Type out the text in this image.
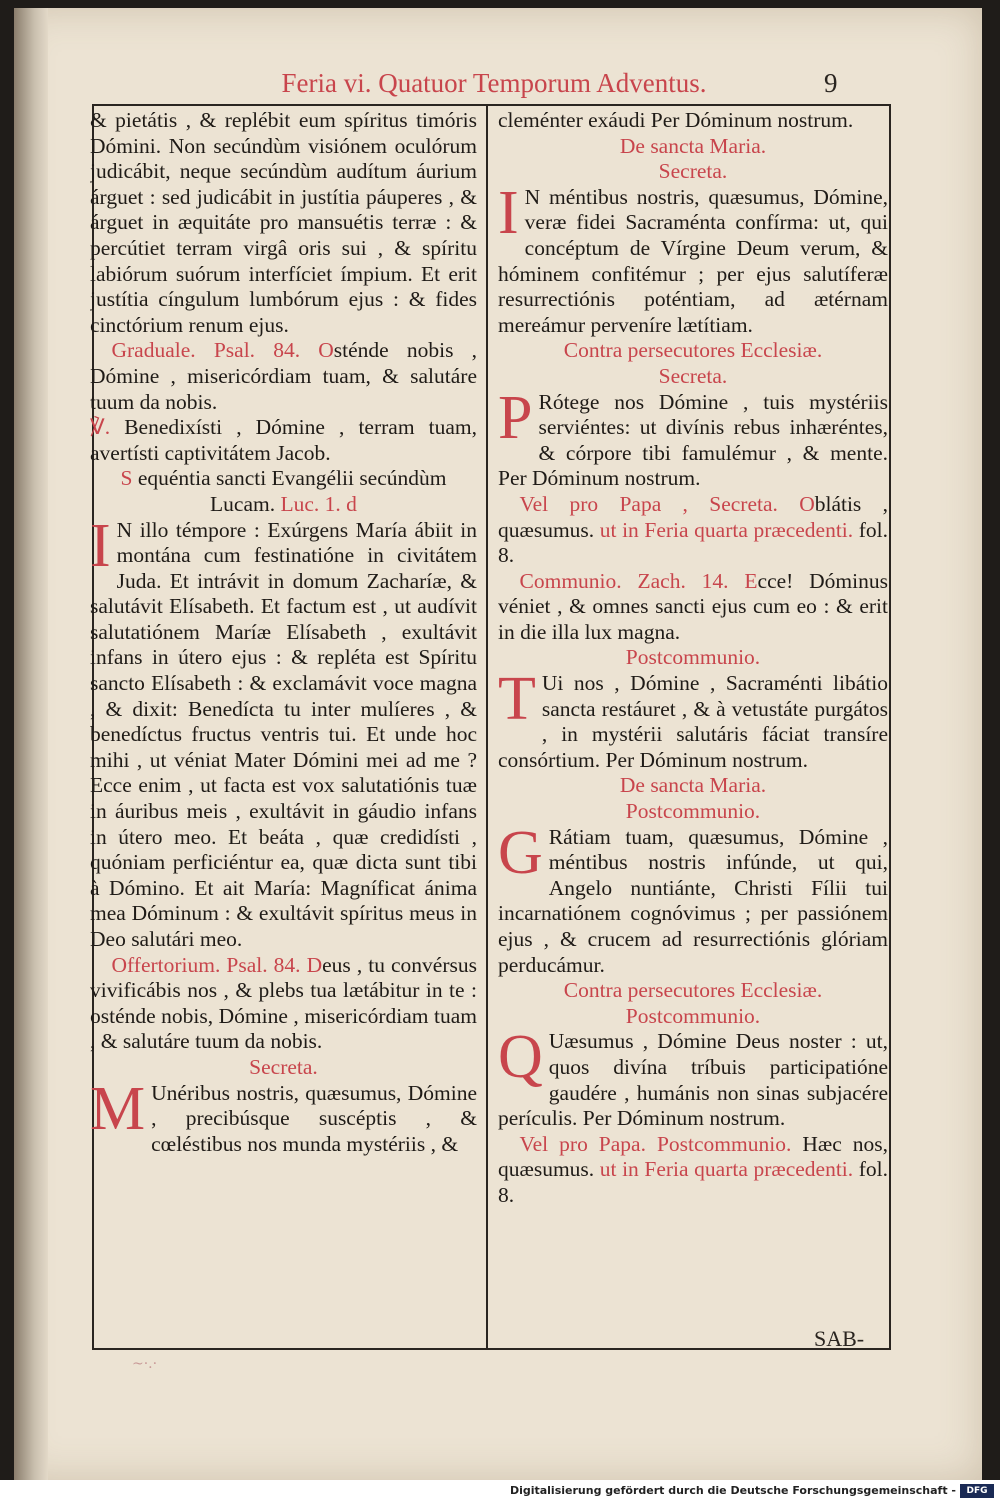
Feria vi. Quatuor Temporum Adventus.	9

& pietátis , & replébit eum spíritus timóris Dómini. Non secúndùm visiónem oculórum judicábit, neque secúndùm audítum áurium árguet : sed judicábit in justítia páuperes , & árguet in æquitáte pro mansuétis terræ : & percútiet terram virgâ oris sui , & spíritu labiórum suórum interfíciet ímpium. Et erit justítia cíngulum lumbórum ejus : & fides cinctórium renum ejus.

 Graduale. Psal. 84. Osténde nobis , Dómine , misericórdiam tuam, & salutáre tuum da nobis.

℣. Benedixísti , Dómine , terram tuam, avertísti captivitátem Jacob.

S equéntia sancti Evangélii secúndùm Lucam. Luc. 1. d

I N illo témpore : Exúrgens María ábiit in montána cum festinatióne in civitátem Juda. Et intrávit in domum Zacharíæ, & salutávit Elísabeth. Et factum est , ut audívit salutatiónem Maríæ Elísabeth , exultávit infans in útero ejus : & repléta est Spíritu sancto Elísabeth : & exclamávit voce magna , & dixit: Benedícta tu inter mulíeres , & benedíctus fructus ventris tui. Et unde hoc mihi , ut véniat Mater Dómini mei ad me ? Ecce enim , ut facta est vox salutatiónis tuæ in áuribus meis , exultávit in gáudio infans in útero meo. Et beáta , quæ credidísti , quóniam perficiéntur ea, quæ dicta sunt tibi à Dómino. Et ait María: Magníficat ánima mea Dóminum : & exultávit spíritus meus in Deo salutári meo.

 Offertorium. Psal. 84. Deus , tu convérsus vivificábis nos , & plebs tua lætábitur in te : osténde nobis, Dómine , misericórdiam tuam , & salutáre tuum da nobis.

Secreta.

M Unéribus nostris, quæsumus, Dómine , precibúsque suscéptis , & cœléstibus nos munda mystériis , &

cleménter exáudi Per Dóminum nostrum.

De sancta Maria.

Secreta.

I N méntibus nostris, quæsumus, Dómine, veræ fidei Sacraménta confírma: ut, qui concéptum de Vírgine Deum verum, & hóminem confitémur ; per ejus salutíferæ resurrectiónis poténtiam, ad ætérnam mereámur perveníre lætítiam.

Contra persecutores Ecclesiæ.

Secreta.

P Rótege nos Dómine , tuis mystériis serviéntes: ut divínis rebus inhæréntes, & córpore tibi famulémur , & mente. Per Dóminum nostrum.

 Vel pro Papa , Secreta. Oblátis , quæsumus. ut in Feria quarta præcedenti. fol. 8.

 Communio. Zach. 14. Ecce! Dóminus véniet , & omnes sancti ejus cum eo : & erit in die illa lux magna.

Postcommunio.

T Ui nos , Dómine , Sacraménti libátio sancta restáuret , & à vetustáte purgátos , in mystérii salutáris fáciat transíre consórtium. Per Dóminum nostrum.

De sancta Maria.

Postcommunio.

G Rátiam tuam, quæsumus, Dómine , méntibus nostris infúnde, ut qui, Angelo nuntiánte, Christi Fílii tui incarnatiónem cognóvimus ; per passiónem ejus , & crucem ad resurrectiónis glóriam perducámur.

Contra persecutores Ecclesiæ.

Postcommunio.

Q Uæsumus , Dómine Deus noster : ut, quos divína tríbuis participatióne gaudére , humánis non sinas subjacére perículis. Per Dóminum nostrum.

 Vel pro Papa. Postcommunio. Hæc nos, quæsumus. ut in Feria quarta præcedenti. fol. 8.

SAB-
~·.·
Digitalisierung gefördert durch die Deutsche Forschungsgemeinschaft -	DFG
